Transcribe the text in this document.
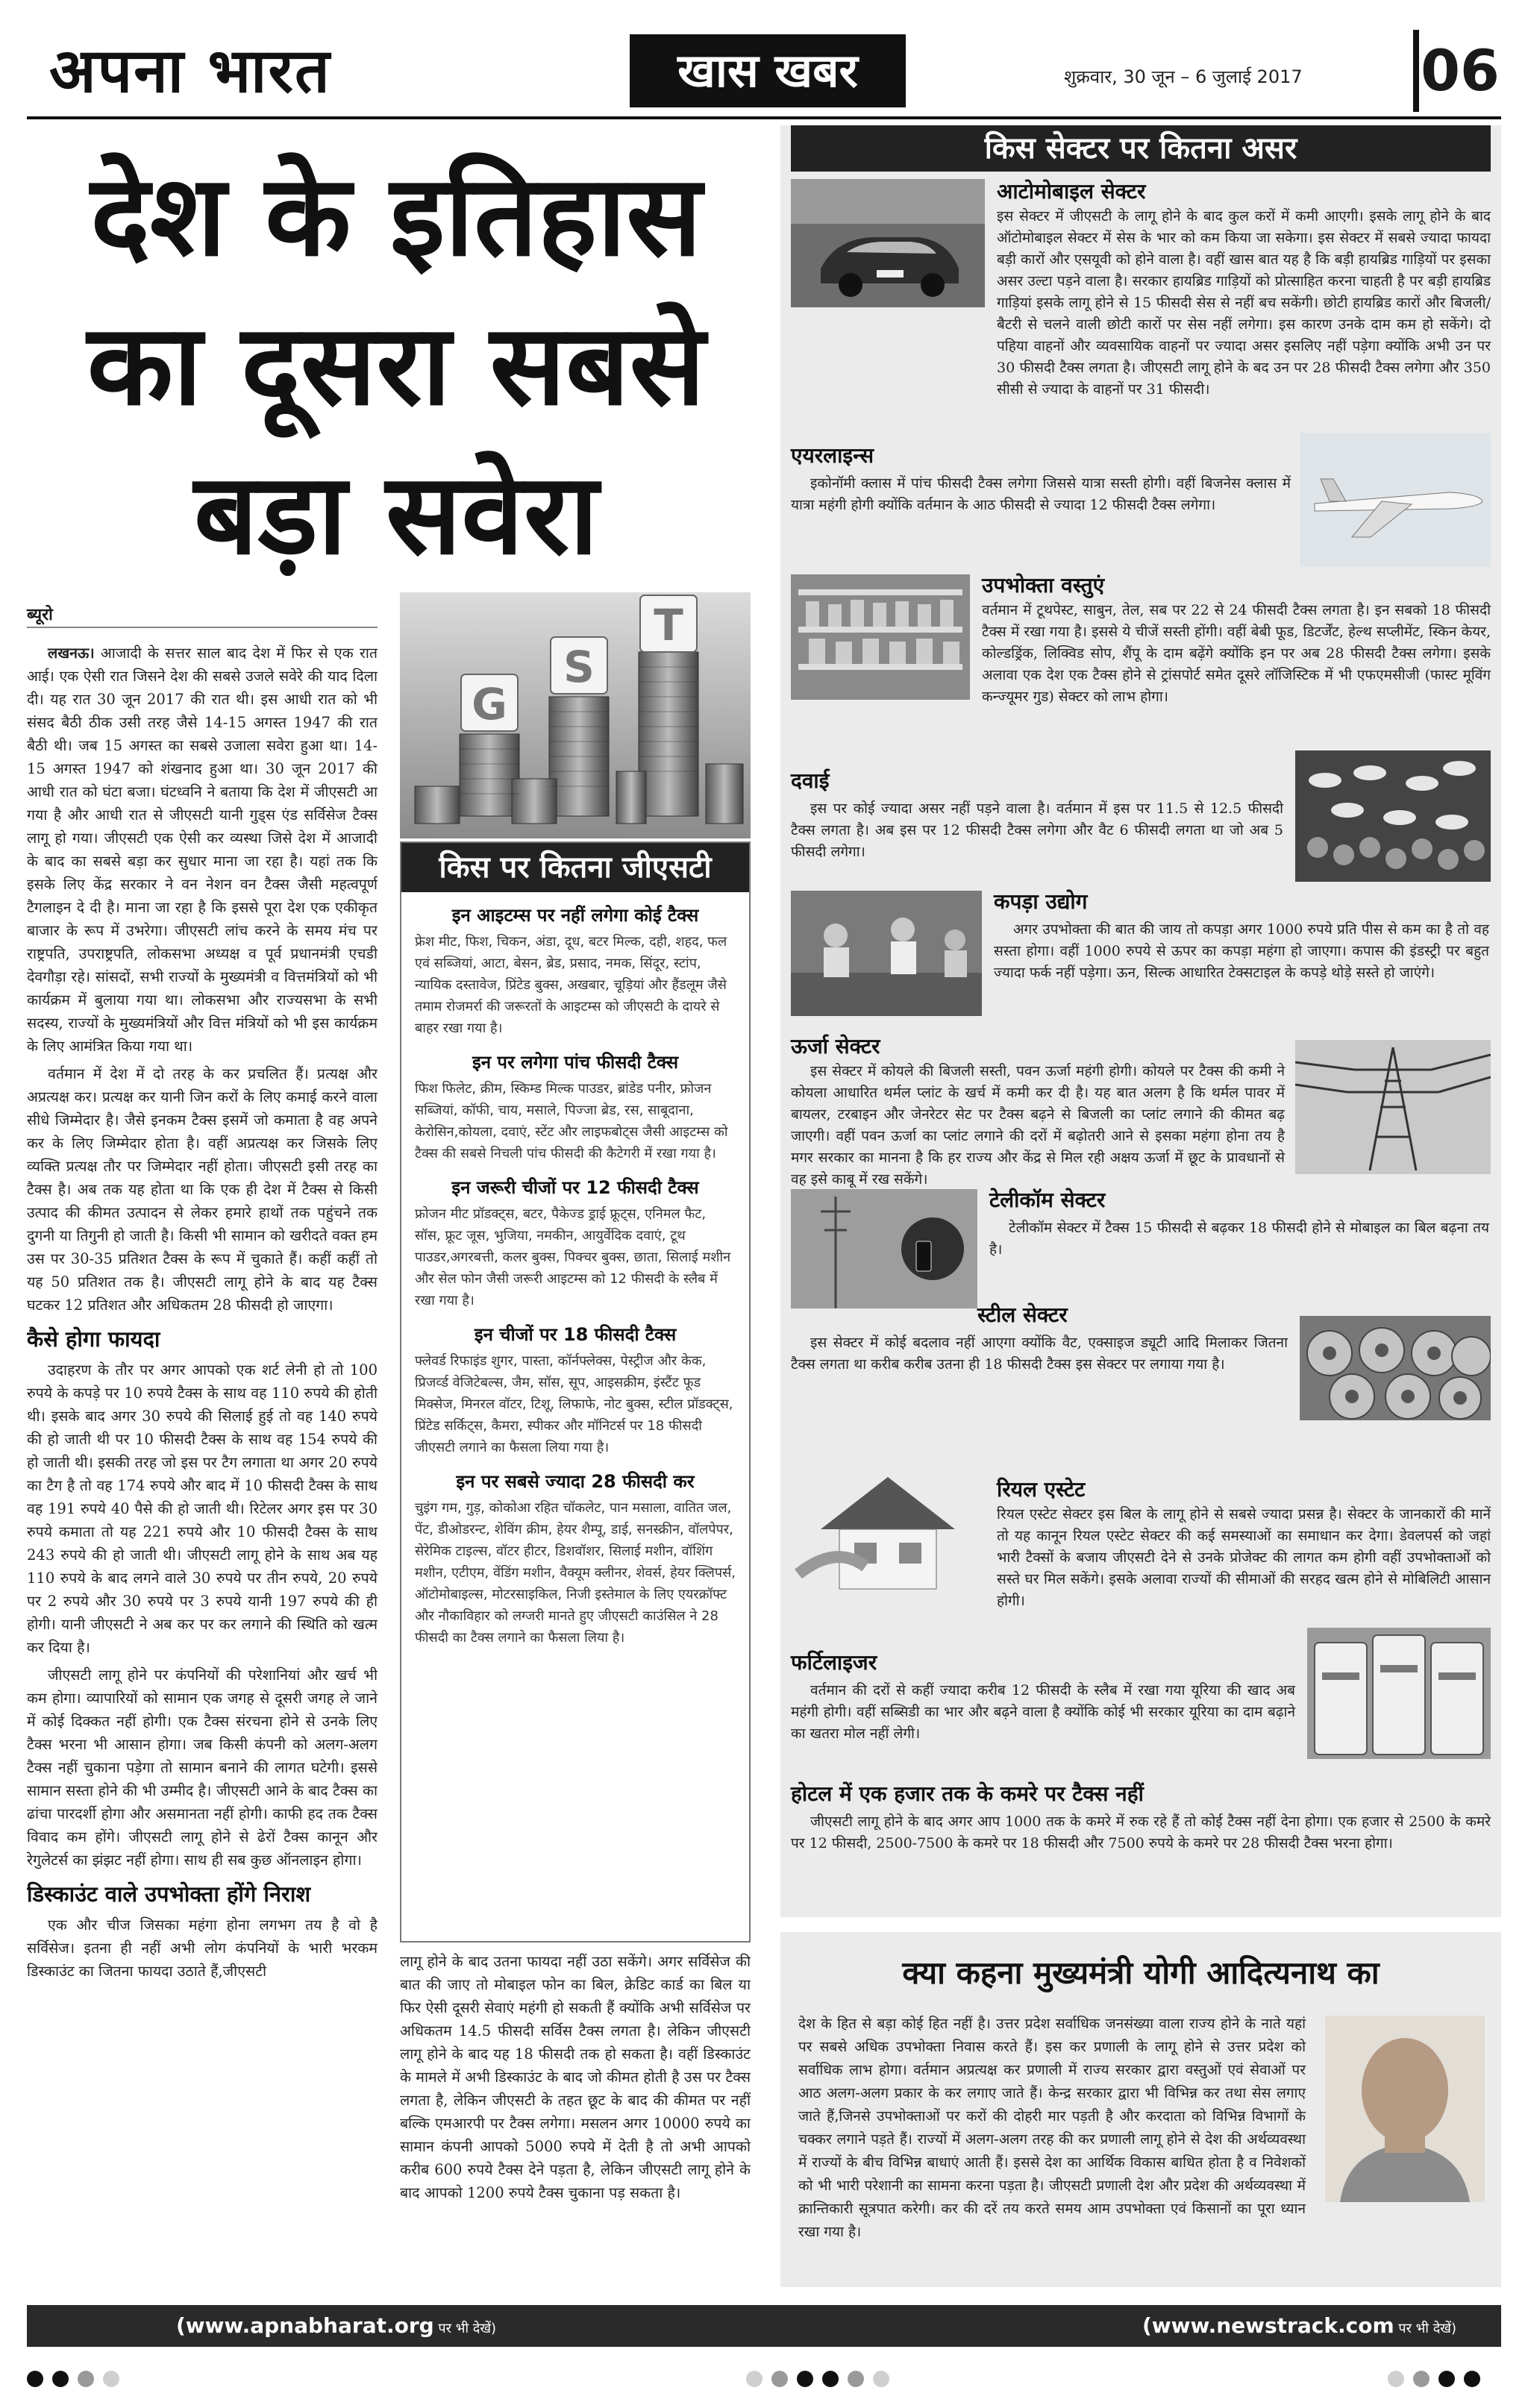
अपना भारत	खास खबर	शुक्रवार, 30 जून – 6 जुलाई 2017 06
देश के इतिहास
का दूसरा सबसे
बड़ा सवेरा
ब्यूरो

लखनऊ। आजादी के सत्तर साल बाद देश में फिर से एक रात आई। एक ऐसी रात जिसने देश की सबसे उजले सवेरे की याद दिला दी। यह रात 30 जून 2017 की रात थी। इस आधी रात को भी संसद बैठी ठीक उसी तरह जैसे 14-15 अगस्त 1947 की रात बैठी थी। जब 15 अगस्त का सबसे उजाला सवेरा हुआ था। 14-15 अगस्त 1947 को शंखनाद हुआ था। 30 जून 2017 की आधी रात को घंटा बजा। घंटध्वनि ने बताया कि देश में जीएसटी आ गया है और आधी रात से जीएसटी यानी गुड्स एंड सर्विसेज टैक्स लागू हो गया। जीएसटी एक ऐसी कर व्यस्था जिसे देश में आजादी के बाद का सबसे बड़ा कर सुधार माना जा रहा है। यहां तक कि इसके लिए केंद्र सरकार ने वन नेशन वन टैक्स जैसी महत्वपूर्ण टैगलाइन दे दी है। माना जा रहा है कि इससे पूरा देश एक एकीकृत बाजार के रूप में उभरेगा। जीएसटी लांच करने के समय मंच पर राष्ट्रपति, उपराष्ट्रपति, लोकसभा अध्यक्ष व पूर्व प्रधानमंत्री एचडी देवगौड़ा रहे। सांसदों, सभी राज्यों के मुख्यमंत्री व वित्तमंत्रियों को भी कार्यक्रम में बुलाया गया था। लोकसभा और राज्यसभा के सभी सदस्य, राज्यों के मुख्यमंत्रियों और वित्त मंत्रियों को भी इस कार्यक्रम के लिए आमंत्रित किया गया था।

वर्तमान में देश में दो तरह के कर प्रचलित हैं। प्रत्यक्ष और अप्रत्यक्ष कर। प्रत्यक्ष कर यानी जिन करों के लिए कमाई करने वाला सीधे जिम्मेदार है। जैसे इनकम टैक्स इसमें जो कमाता है वह अपने कर के लिए जिम्मेदार होता है। वहीं अप्रत्यक्ष कर जिसके लिए व्यक्ति प्रत्यक्ष तौर पर जिम्मेदार नहीं होता। जीएसटी इसी तरह का टैक्स है। अब तक यह होता था कि एक ही देश में टैक्स से किसी उत्पाद की कीमत उत्पादन से लेकर हमारे हाथों तक पहुंचने तक दुगनी या तिगुनी हो जाती है। किसी भी सामान को खरीदते वक्त हम उस पर 30-35 प्रतिशत टैक्स के रूप में चुकाते हैं। कहीं कहीं तो यह 50 प्रतिशत तक है। जीएसटी लागू होने के बाद यह टैक्स घटकर 12 प्रतिशत और अधिकतम 28 फीसदी हो जाएगा।

कैसे होगा फायदा

उदाहरण के तौर पर अगर आपको एक शर्ट लेनी हो तो 100 रुपये के कपड़े पर 10 रुपये टैक्स के साथ वह 110 रुपये की होती थी। इसके बाद अगर 30 रुपये की सिलाई हुई तो वह 140 रुपये की हो जाती थी पर 10 फीसदी टैक्स के साथ वह 154 रुपये की हो जाती थी। इसकी तरह जो इस पर टैग लगाता था अगर 20 रुपये का टैग है तो वह 174 रुपये और बाद में 10 फीसदी टैक्स के साथ वह 191 रुपये 40 पैसे की हो जाती थी। रिटेलर अगर इस पर 30 रुपये कमाता तो यह 221 रुपये और 10 फीसदी टैक्स के साथ 243 रुपये की हो जाती थी। जीएसटी लागू होने के साथ अब यह 110 रुपये के बाद लगने वाले 30 रुपये पर तीन रुपये, 20 रुपये पर 2 रुपये और 30 रुपये पर 3 रुपये यानी 197 रुपये की ही होगी। यानी जीएसटी ने अब कर पर कर लगाने की स्थिति को खत्म कर दिया है।

जीएसटी लागू होने पर कंपनियों की परेशानियां और खर्च भी कम होगा। व्यापारियों को सामान एक जगह से दूसरी जगह ले जाने में कोई दिक्कत नहीं होगी। एक टैक्स संरचना होने से उनके लिए टैक्स भरना भी आसान होगा। जब किसी कंपनी को अलग-अलग टैक्स नहीं चुकाना पड़ेगा तो सामान बनाने की लागत घटेगी। इससे सामान सस्ता होने की भी उम्मीद है। जीएसटी आने के बाद टैक्स का ढांचा पारदर्शी होगा और असमानता नहीं होगी। काफी हद तक टैक्स विवाद कम होंगे। जीएसटी लागू होने से ढेरों टैक्स कानून और रेगुलेटर्स का झंझट नहीं होगा। साथ ही सब कुछ ऑनलाइन होगा।

डिस्काउंट वाले उपभोक्ता होंगे निराश

एक और चीज जिसका महंगा होना लगभग तय है वो है सर्विसेज। इतना ही नहीं अभी लोग कंपनियों के भारी भरकम डिस्काउंट का जितना फायदा उठाते हैं,जीएसटी

G
S
T
किस पर कितना जीएसटी
इन आइटम्स पर नहीं लगेगा कोई टैक्स

फ्रेश मीट, फिश, चिकन, अंडा, दूध, बटर मिल्क, दही, शहद, फल एवं सब्जियां, आटा, बेसन, ब्रेड, प्रसाद, नमक, सिंदूर, स्टांप, न्यायिक दस्तावेज, प्रिंटेड बुक्स, अखबार, चूड़ियां और हैंडलूम जैसे तमाम रोजमर्रा की जरूरतों के आइटम्स को जीएसटी के दायरे से बाहर रखा गया है।

इन पर लगेगा पांच फीसदी टैक्स

फिश फिलेट, क्रीम, स्किम्ड मिल्क पाउडर, ब्रांडेड पनीर, फ्रोजन सब्जियां, कॉफी, चाय, मसाले, पिज्जा ब्रेड, रस, साबूदाना, केरोसिन,कोयला, दवाएं, स्टेंट और लाइफबोट्स जैसी आइटम्स को टैक्स की सबसे निचली पांच फीसदी की कैटेगरी में रखा गया है।

इन जरूरी चीजों पर 12 फीसदी टैक्स

फ्रोजन मीट प्रॉडक्ट्स, बटर, पैकेज्ड ड्राई फ्रूट्स, एनिमल फैट, सॉस, फ्रूट जूस, भुजिया, नमकीन, आयुर्वेदिक दवाएं, टूथ पाउडर,अगरबत्ती, कलर बुक्स, पिक्चर बुक्स, छाता, सिलाई मशीन और सेल फोन जैसी जरूरी आइटम्स को 12 फीसदी के स्लैब में रखा गया है।

इन चीजों पर 18 फीसदी टैक्स

फ्लेवर्ड रिफाइंड शुगर, पास्ता, कॉर्नफ्लेक्स, पेस्ट्रीज और केक, प्रिजर्व्ड वेजिटेबल्स, जैम, सॉस, सूप, आइसक्रीम, इंस्टैंट फूड मिक्सेज, मिनरल वॉटर, टिशू, लिफाफे, नोट बुक्स, स्टील प्रॉडक्ट्स, प्रिंटेड सर्किट्स, कैमरा, स्पीकर और मॉनिटर्स पर 18 फीसदी जीएसटी लगाने का फैसला लिया गया है।

इन पर सबसे ज्यादा 28 फीसदी कर

चुइंग गम, गुड़, कोकोआ रहित चॉकलेट, पान मसाला, वातित जल, पेंट, डीओडरन्ट, शेविंग क्रीम, हेयर शैम्पू, डाई, सनस्क्रीन, वॉलपेपर, सेरेमिक टाइल्स, वॉटर हीटर, डिशवॉशर, सिलाई मशीन, वॉशिंग मशीन, एटीएम, वेंडिंग मशीन, वैक्यूम क्लीनर, शेवर्स, हेयर क्लिपर्स, ऑटोमोबाइल्स, मोटरसाइकिल, निजी इस्तेमाल के लिए एयरक्रॉफ्ट और नौकाविहार को लग्जरी मानते हुए जीएसटी काउंसिल ने 28 फीसदी का टैक्स लगाने का फैसला लिया है।

लागू होने के बाद उतना फायदा नहीं उठा सकेंगे। अगर सर्विसेज की बात की जाए तो मोबाइल फोन का बिल, क्रेडिट कार्ड का बिल या फिर ऐसी दूसरी सेवाएं महंगी हो सकती हैं क्योंकि अभी सर्विसेज पर अधिकतम 14.5 फीसदी सर्विस टैक्स लगता है। लेकिन जीएसटी लागू होने के बाद यह 18 फीसदी तक हो सकता है। वहीं डिस्काउंट के मामले में अभी डिस्काउंट के बाद जो कीमत होती है उस पर टैक्स लगता है, लेकिन जीएसटी के तहत छूट के बाद की कीमत पर नहीं बल्कि एमआरपी पर टैक्स लगेगा। मसलन अगर 10000 रुपये का सामान कंपनी आपको 5000 रुपये में देती है तो अभी आपको करीब 600 रुपये टैक्स देने पड़ता है, लेकिन जीएसटी लागू होने के बाद आपको 1200 रुपये टैक्स चुकाना पड़ सकता है।

किस सेक्टर पर कितना असर
आटोमोबाइल सेक्टर

इस सेक्टर में जीएसटी के लागू होने के बाद कुल करों में कमी आएगी। इसके लागू होने के बाद ऑटोमोबाइल सेक्टर में सेस के भार को कम किया जा सकेगा। इस सेक्टर में सबसे ज्यादा फायदा बड़ी कारों और एसयूवी को होने वाला है। वहीं खास बात यह है कि बड़ी हायब्रिड गाड़ियों पर इसका असर उल्टा पड़ने वाला है। सरकार हायब्रिड गाड़ियों को प्रोत्साहित करना चाहती है पर बड़ी हायब्रिड गाड़ियां इसके लागू होने से 15 फीसदी सेस से नहीं बच सकेंगी। छोटी हायब्रिड कारों और बिजली/बैटरी से चलने वाली छोटी कारों पर सेस नहीं लगेगा। इस कारण उनके दाम कम हो सकेंगे। दो पहिया वाहनों और व्यवसायिक वाहनों पर ज्यादा असर इसलिए नहीं पड़ेगा क्योंकि अभी उन पर 30 फीसदी टैक्स लगता है। जीएसटी लागू होने के बद उन पर 28 फीसदी टैक्स लगेगा और 350 सीसी से ज्यादा के वाहनों पर 31 फीसदी।

एयरलाइन्स

इकोनॉमी क्लास में पांच फीसदी टैक्स लगेगा जिससे यात्रा सस्ती होगी। वहीं बिजनेस क्लास में यात्रा महंगी होगी क्योंकि वर्तमान के आठ फीसदी से ज्यादा 12 फीसदी टैक्स लगेगा।

उपभोक्ता वस्तुएं

वर्तमान में टूथपेस्ट, साबुन, तेल, सब पर 22 से 24 फीसदी टैक्स लगता है। इन सबको 18 फीसदी टैक्स में रखा गया है। इससे ये चीजें सस्ती होंगी। वहीं बेबी फूड, डिटर्जेंट, हेल्थ सप्लीमेंट, स्किन केयर, कोल्डड्रिंक, लिक्विड सोप, शैंपू के दाम बढ़ेंगे क्योंकि इन पर अब 28 फीसदी टैक्स लगेगा। इसके अलावा एक देश एक टैक्स होने से ट्रांसपोर्ट समेत दूसरे लॉजिस्टिक में भी एफएमसीजी (फास्ट मूविंग कन्ज्यूमर गुड) सेक्टर को लाभ होगा।

दवाई

इस पर कोई ज्यादा असर नहीं पड़ने वाला है। वर्तमान में इस पर 11.5 से 12.5 फीसदी टैक्स लगता है। अब इस पर 12 फीसदी टैक्स लगेगा और वैट 6 फीसदी लगता था जो अब 5 फीसदी लगेगा।

कपड़ा उद्योग

अगर उपभोक्ता की बात की जाय तो कपड़ा अगर 1000 रुपये प्रति पीस से कम का है तो वह सस्ता होगा। वहीं 1000 रुपये से ऊपर का कपड़ा महंगा हो जाएगा। कपास की इंडस्ट्री पर बहुत ज्यादा फर्क नहीं पड़ेगा। ऊन, सिल्क आधारित टेक्सटाइल के कपड़े थोड़े सस्ते हो जाएंगे।

ऊर्जा सेक्टर

इस सेक्टर में कोयले की बिजली सस्ती, पवन ऊर्जा महंगी होगी। कोयले पर टैक्स की कमी ने कोयला आधारित थर्मल प्लांट के खर्च में कमी कर दी है। यह बात अलग है कि थर्मल पावर में बायलर, टरबाइन और जेनरेटर सेट पर टैक्स बढ़ने से बिजली का प्लांट लगाने की कीमत बढ़ जाएगी। वहीं पवन ऊर्जा का प्लांट लगाने की दरों में बढ़ोतरी आने से इसका महंगा होना तय है मगर सरकार का मानना है कि हर राज्य और केंद्र से मिल रही अक्षय ऊर्जा में छूट के प्रावधानों से वह इसे काबू में रख सकेंगे।

टेलीकॉम सेक्टर

टेलीकॉम सेक्टर में टैक्स 15 फीसदी से बढ़कर 18 फीसदी होने से मोबाइल का बिल बढ़ना तय है।

स्टील सेक्टर

इस सेक्टर में कोई बदलाव नहीं आएगा क्योंकि वैट, एक्साइज ड्यूटी आदि मिलाकर जितना टैक्स लगता था करीब करीब उतना ही 18 फीसदी टैक्स इस सेक्टर पर लगाया गया है।

रियल एस्टेट

रियल एस्टेट सेक्टर इस बिल के लागू होने से सबसे ज्यादा प्रसन्न है। सेक्टर के जानकारों की मानें तो यह कानून रियल एस्टेट सेक्टर की कई समस्याओं का समाधान कर देगा। डेवलपर्स को जहां भारी टैक्सों के बजाय जीएसटी देने से उनके प्रोजेक्ट की लागत कम होगी वहीं उपभोक्ताओं को सस्ते घर मिल सकेंगे। इसके अलावा राज्यों की सीमाओं की सरहद खत्म होने से मोबिलिटी आसान होगी।

फर्टिलाइजर

वर्तमान की दरों से कहीं ज्यादा करीब 12 फीसदी के स्लैब में रखा गया यूरिया की खाद अब महंगी होगी। वहीं सब्सिडी का भार और बढ़ने वाला है क्योंकि कोई भी सरकार यूरिया का दाम बढ़ाने का खतरा मोल नहीं लेगी।

होटल में एक हजार तक के कमरे पर टैक्स नहीं

जीएसटी लागू होने के बाद अगर आप 1000 तक के कमरे में रुक रहे हैं तो कोई टैक्स नहीं देना होगा। एक हजार से 2500 के कमरे पर 12 फीसदी, 2500-7500 के कमरे पर 18 फीसदी और 7500 रुपये के कमरे पर 28 फीसदी टैक्स भरना होगा।

क्या कहना मुख्यमंत्री योगी आदित्यनाथ का
देश के हित से बड़ा कोई हित नहीं है। उत्तर प्रदेश सर्वाधिक जनसंख्या वाला राज्य होने के नाते यहां पर सबसे अधिक उपभोक्ता निवास करते हैं। इस कर प्रणाली के लागू होने से उत्तर प्रदेश को सर्वाधिक लाभ होगा। वर्तमान अप्रत्यक्ष कर प्रणाली में राज्य सरकार द्वारा वस्तुओं एवं सेवाओं पर आठ अलग-अलग प्रकार के कर लगाए जाते हैं। केन्द्र सरकार द्वारा भी विभिन्न कर तथा सेस लगाए जाते हैं,जिनसे उपभोक्ताओं पर करों की दोहरी मार पड़ती है और करदाता को विभिन्न विभागों के चक्कर लगाने पड़ते हैं। राज्यों में अलग-अलग तरह की कर प्रणाली लागू होने से देश की अर्थव्यवस्था में राज्यों के बीच विभिन्न बाधाएं आती हैं। इससे देश का आर्थिक विकास बाधित होता है व निवेशकों को भी भारी परेशानी का सामना करना पड़ता है। जीएसटी प्रणाली देश और प्रदेश की अर्थव्यवस्था में क्रान्तिकारी सूत्रपात करेगी। कर की दरें तय करते समय आम उपभोक्ता एवं किसानों का पूरा ध्यान रखा गया है।
(www.apnabharat.org पर भी देखें)	(www.newstrack.com पर भी देखें)
